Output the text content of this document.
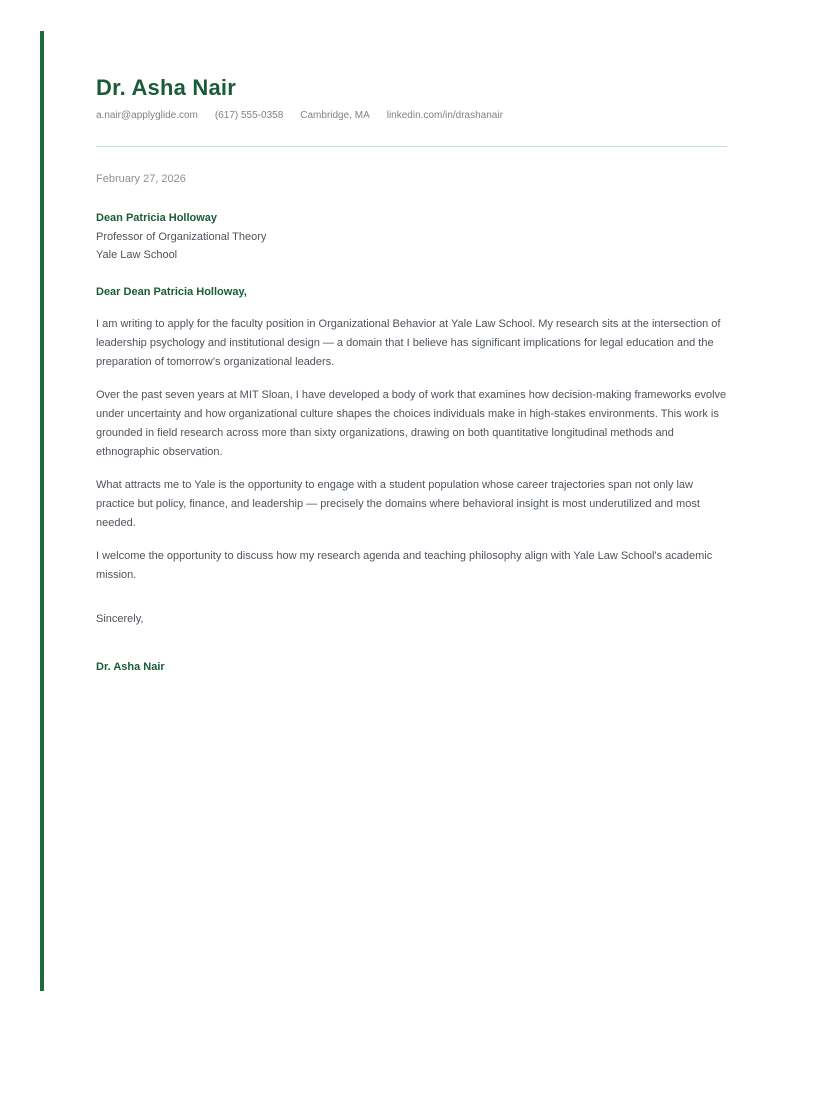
Dr. Asha Nair
a.nair@applyglide.com (617) 555-0358 Cambridge, MA linkedin.com/in/drashanair

February 27, 2026

Dean Patricia Holloway

Professor of Organizational Theory

Yale Law School

Dear Dean Patricia Holloway,

I am writing to apply for the faculty position in Organizational Behavior at Yale Law School. My research sits at the intersection of leadership psychology and institutional design — a domain that I believe has significant implications for legal education and the preparation of tomorrow’s organizational leaders.

Over the past seven years at MIT Sloan, I have developed a body of work that examines how decision-making frameworks evolve under uncertainty and how organizational culture shapes the choices individuals make in high-stakes environments. This work is grounded in field research across more than sixty organizations, drawing on both quantitative longitudinal methods and ethnographic observation.

What attracts me to Yale is the opportunity to engage with a student population whose career trajectories span not only law practice but policy, finance, and leadership — precisely the domains where behavioral insight is most underutilized and most needed.

I welcome the opportunity to discuss how my research agenda and teaching philosophy align with Yale Law School's academic mission.

Sincerely,

Dr. Asha Nair
